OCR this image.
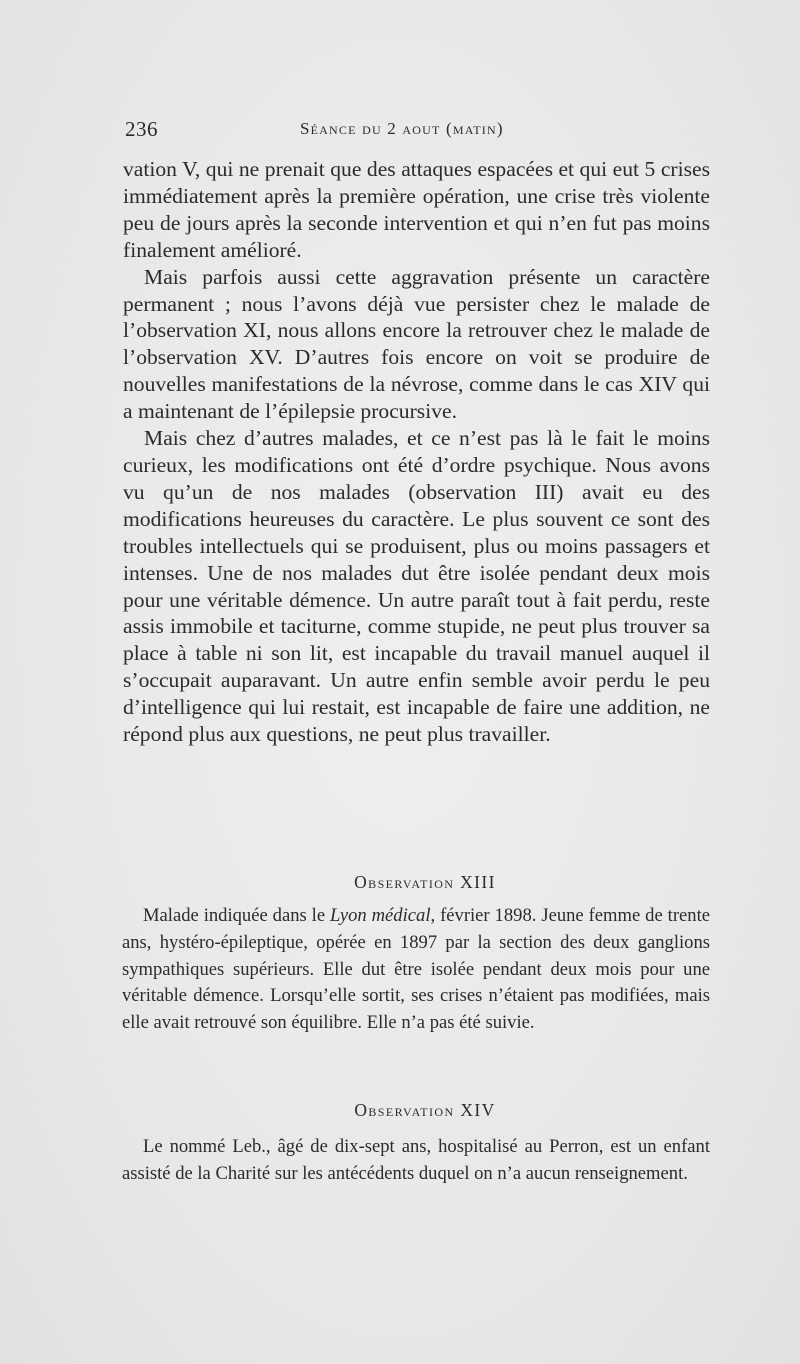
236	Séance du 2 aout (matin)

vation V, qui ne prenait que des attaques espacées et qui eut 5 crises immédiatement après la première opération, une crise très violente peu de jours après la seconde intervention et qui n’en fut pas moins finalement amélioré.

Mais parfois aussi cette aggravation présente un caractère permanent ; nous l’avons déjà vue persister chez le malade de l’observation XI, nous allons encore la retrouver chez le malade de l’observation XV. D’autres fois encore on voit se produire de nouvelles manifestations de la névrose, comme dans le cas XIV qui a maintenant de l’épilepsie procursive.

Mais chez d’autres malades, et ce n’est pas là le fait le moins curieux, les modifications ont été d’ordre psychique. Nous avons vu qu’un de nos malades (observation III) avait eu des modifications heureuses du caractère. Le plus souvent ce sont des troubles intellectuels qui se produisent, plus ou moins passagers et intenses. Une de nos malades dut être isolée pendant deux mois pour une véritable démence. Un autre paraît tout à fait perdu, reste assis immobile et taciturne, comme stupide, ne peut plus trouver sa place à table ni son lit, est incapable du travail manuel auquel il s’occupait auparavant. Un autre enfin semble avoir perdu le peu d’intelligence qui lui restait, est incapable de faire une addition, ne répond plus aux questions, ne peut plus travailler.

Observation XIII

Malade indiquée dans le Lyon médical, février 1898. Jeune femme de trente ans, hystéro-épileptique, opérée en 1897 par la section des deux ganglions sympathiques supérieurs. Elle dut être isolée pendant deux mois pour une véritable démence. Lorsqu’elle sortit, ses crises n’étaient pas modifiées, mais elle avait retrouvé son équilibre. Elle n’a pas été suivie.

Observation XIV

Le nommé Leb., âgé de dix-sept ans, hospitalisé au Perron, est un enfant assisté de la Charité sur les antécédents duquel on n’a aucun renseignement.
